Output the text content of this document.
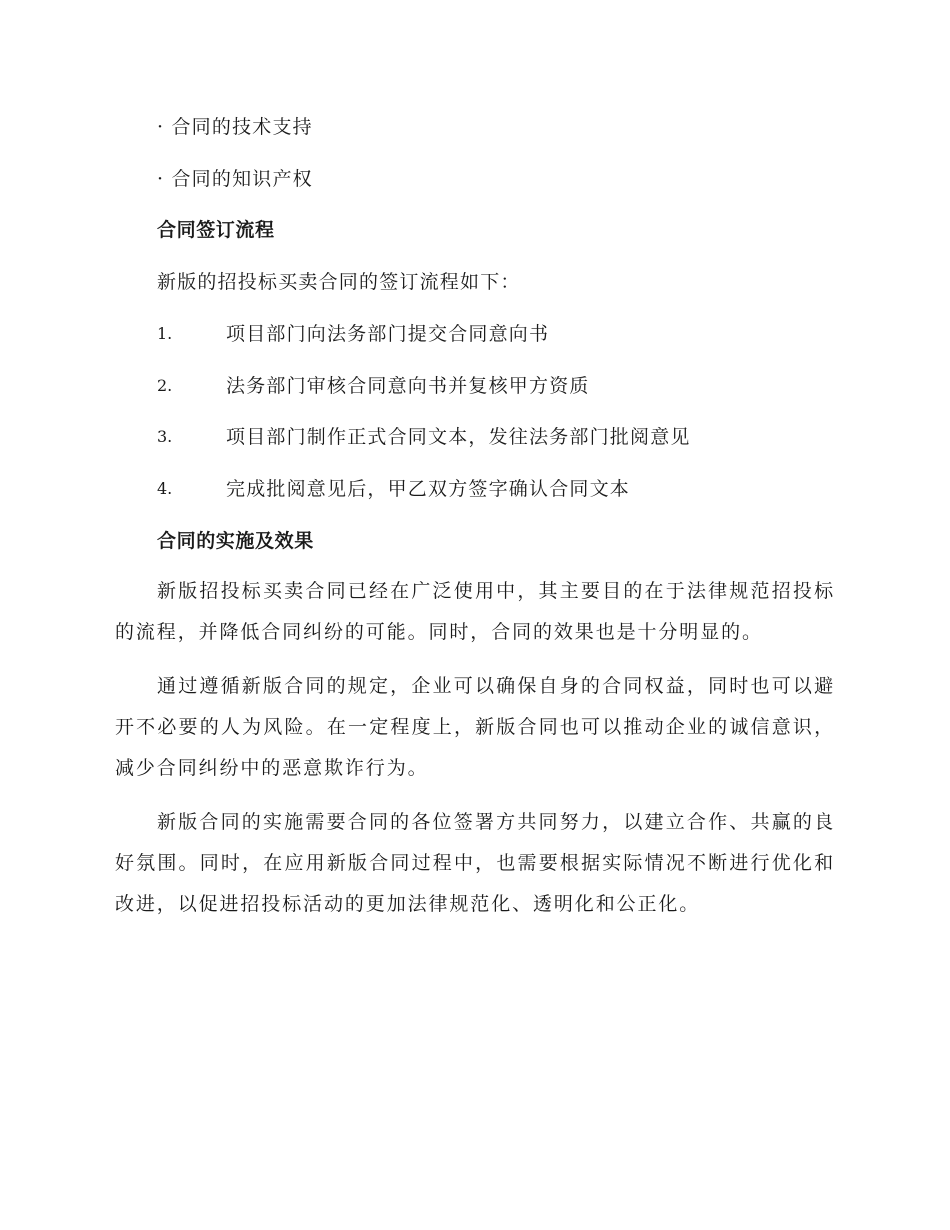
· 合同的技术支持
· 合同的知识产权
合同签订流程
新版的招投标买卖合同的签订流程如下：
1.	项目部门向法务部门提交合同意向书
2.	法务部门审核合同意向书并复核甲方资质
3.	项目部门制作正式合同文本，发往法务部门批阅意见
4.	完成批阅意见后，甲乙双方签字确认合同文本
合同的实施及效果

新版招投标买卖合同已经在广泛使用中，其主要目的在于法律规范招投标的流程，并降低合同纠纷的可能。同时，合同的效果也是十分明显的。

通过遵循新版合同的规定，企业可以确保自身的合同权益，同时也可以避开不必要的人为风险。在一定程度上，新版合同也可以推动企业的诚信意识，减少合同纠纷中的恶意欺诈行为。

新版合同的实施需要合同的各位签署方共同努力，以建立合作、共赢的良好氛围。同时，在应用新版合同过程中，也需要根据实际情况不断进行优化和改进，以促进招投标活动的更加法律规范化、透明化和公正化。
